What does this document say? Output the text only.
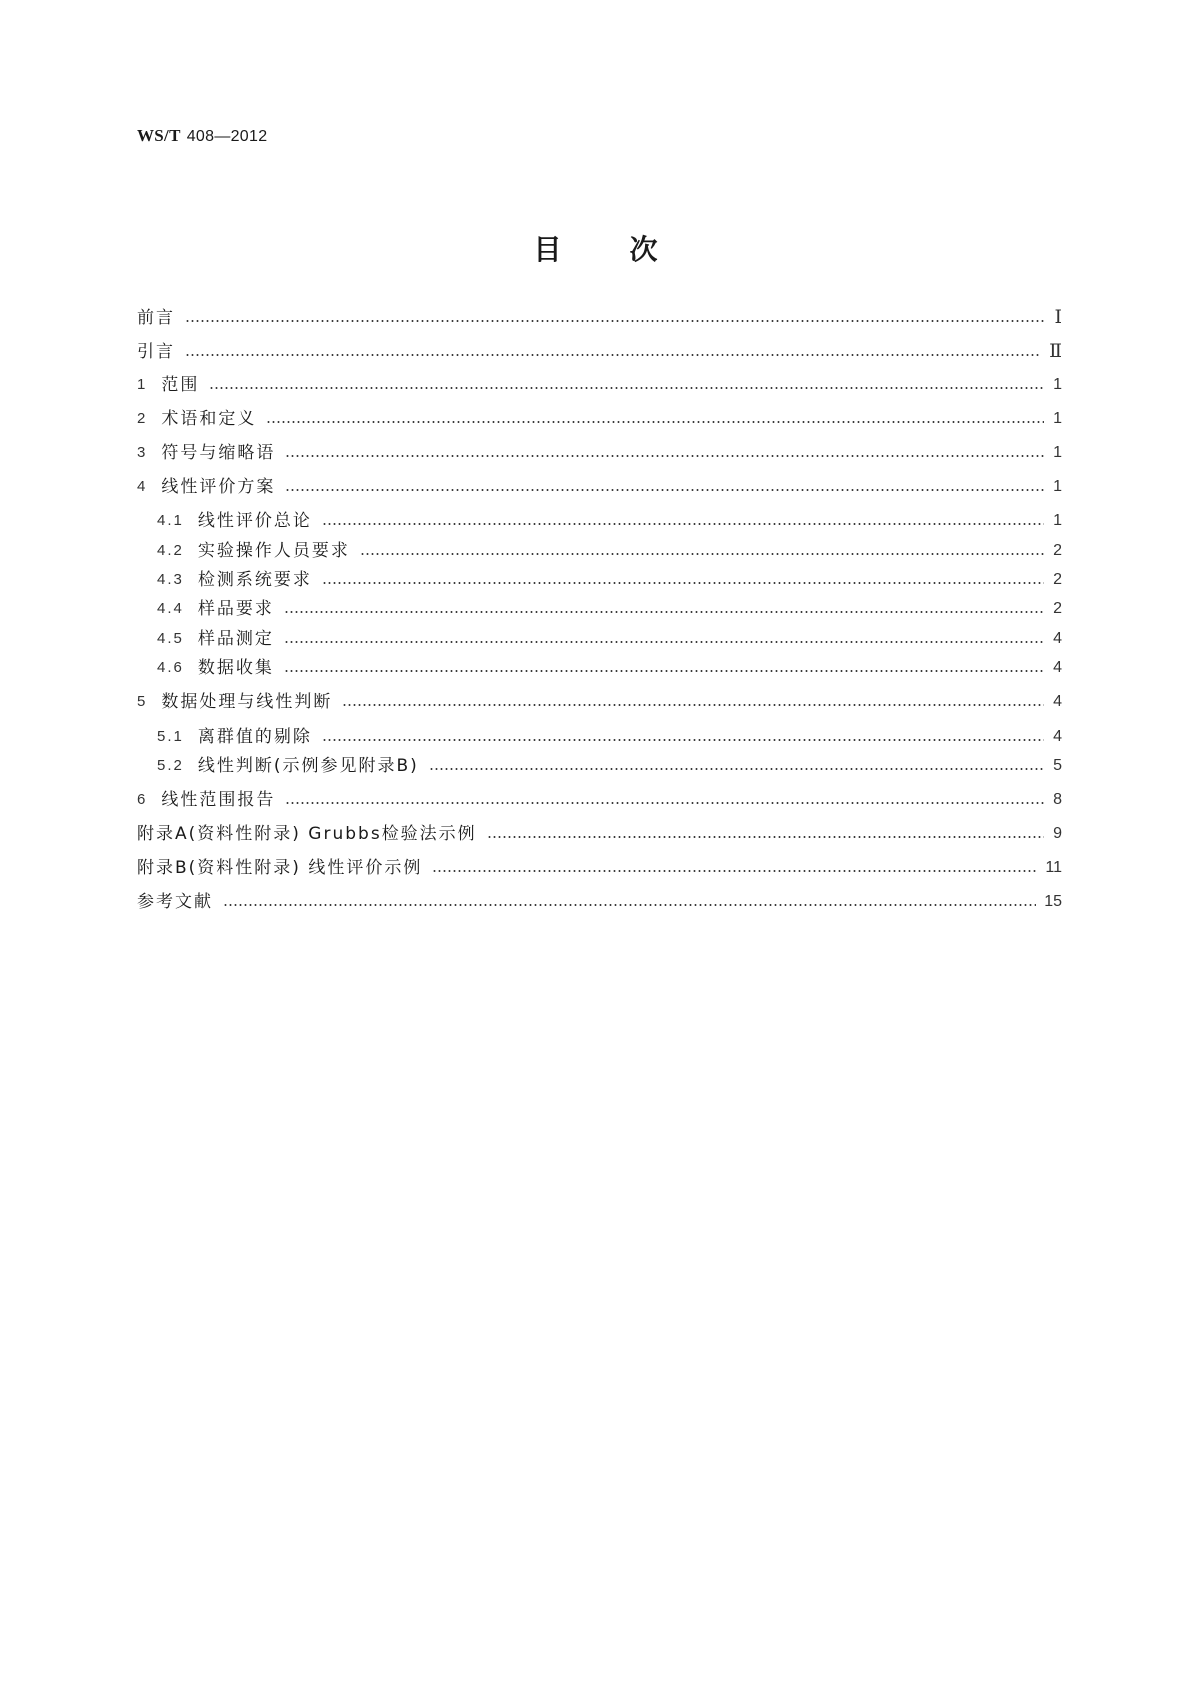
WS/T 408—2012
目 次
前言	Ⅰ
引言	Ⅱ
1 范围	1
2 术语和定义	1
3 符号与缩略语	1
4 线性评价方案	1
4.1 线性评价总论	1
4.2 实验操作人员要求	2
4.3 检测系统要求	2
4.4 样品要求	2
4.5 样品测定	4
4.6 数据收集	4
5 数据处理与线性判断	4
5.1 离群值的剔除	4
5.2 线性判断(示例参见附录B)	5
6 线性范围报告	8
附录A(资料性附录) Grubbs检验法示例	9
附录B(资料性附录) 线性评价示例	11
参考文献	15
